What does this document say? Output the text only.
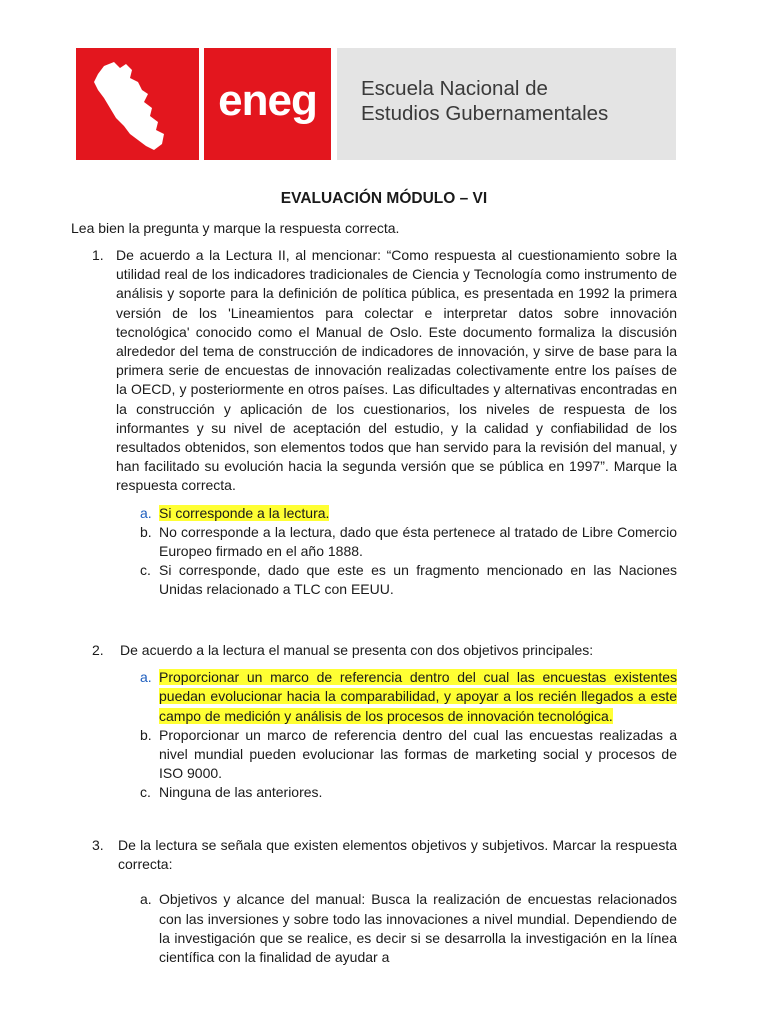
eneg Escuela Nacional de
Estudios Gubernamentales
EVALUACIÓN MÓDULO – VI
Lea bien la pregunta y marque la respuesta correcta.
1. De acuerdo a la Lectura II, al mencionar: “Como respuesta al cuestionamiento sobre la utilidad real de los indicadores tradicionales de Ciencia y Tecnología como instrumento de análisis y soporte para la definición de política pública, es presentada en 1992 la primera versión de los 'Lineamientos para colectar e interpretar datos sobre innovación tecnológica' conocido como el Manual de Oslo. Este documento formaliza la discusión alrededor del tema de construcción de indicadores de innovación, y sirve de base para la primera serie de encuestas de innovación realizadas colectivamente entre los países de la OECD, y posteriormente en otros países. Las dificultades y alternativas encontradas en la construcción y aplicación de los cuestionarios, los niveles de respuesta de los informantes y su nivel de aceptación del estudio, y la calidad y confiabilidad de los resultados obtenidos, son elementos todos que han servido para la revisión del manual, y han facilitado su evolución hacia la segunda versión que se pública en 1997”. Marque la respuesta correcta.
a. Si corresponde a la lectura.
b. No corresponde a la lectura, dado que ésta pertenece al tratado de Libre Comercio Europeo firmado en el año 1888.
c. Si corresponde, dado que este es un fragmento mencionado en las Naciones Unidas relacionado a TLC con EEUU.
2. De acuerdo a la lectura el manual se presenta con dos objetivos principales:
a. Proporcionar un marco de referencia dentro del cual las encuestas existentes puedan evolucionar hacia la comparabilidad, y apoyar a los recién llegados a este campo de medición y análisis de los procesos de innovación tecnológica.
b. Proporcionar un marco de referencia dentro del cual las encuestas realizadas a nivel mundial pueden evolucionar las formas de marketing social y procesos de ISO 9000.
c. Ninguna de las anteriores.
3. De la lectura se señala que existen elementos objetivos y subjetivos. Marcar la respuesta correcta:
a. Objetivos y alcance del manual: Busca la realización de encuestas relacionados con las inversiones y sobre todo las innovaciones a nivel mundial. Dependiendo de la investigación que se realice, es decir si se desarrolla la investigación en la línea científica con la finalidad de ayudar a
